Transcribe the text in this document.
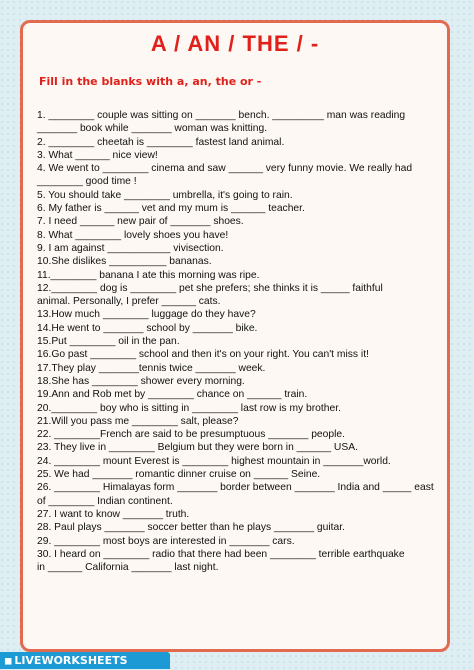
A / AN / THE / -
Fill in the blanks with a, an, the or -
1. ________ couple was sitting on _______ bench. _________ man was reading
_______ book while _______ woman was knitting.
2. ________ cheetah is ________ fastest land animal.
3. What ______ nice view!
4. We went to ________ cinema and saw ______ very funny movie. We really had
________ good time !
5. You should take ________ umbrella, it's going to rain.
6. My father is ______ vet and my mum is ______ teacher.
7. I need ______ new pair of _______ shoes.
8. What ________ lovely shoes you have!
9. I am against ___________ vivisection.
10.She dislikes __________ bananas.
11.________ banana I ate this morning was ripe.
12.________ dog is ________ pet she prefers; she thinks it is _____ faithful
animal. Personally, I prefer ______ cats.
13.How much ________ luggage do they have?
14.He went to _______ school by _______ bike.
15.Put ________ oil in the pan.
16.Go past ________ school and then it's on your right. You can't miss it!
17.They play _______tennis twice _______ week.
18.She has ________ shower every morning.
19.Ann and Rob met by ________ chance on ______ train.
20.________ boy who is sitting in ________ last row is my brother.
21.Will you pass me ________ salt, please?
22. ________French are said to be presumptuous _______ people.
23. They live in ________ Belgium but they were born in ______ USA.
24. ________ mount Everest is ________ highest mountain in _______world.
25. We had _______ romantic dinner cruise on ______ Seine.
26. ________ Himalayas form _______ border between _______ India and _____ east
of ________ Indian continent.
27. I want to know _______ truth.
28. Paul plays _______ soccer better than he plays _______ guitar.
29. ________ most boys are interested in _______ cars.
30. I heard on ________ radio that there had been ________ terrible earthquake
in ______ California _______ last night.
◼ LIVEWORKSHEETS
